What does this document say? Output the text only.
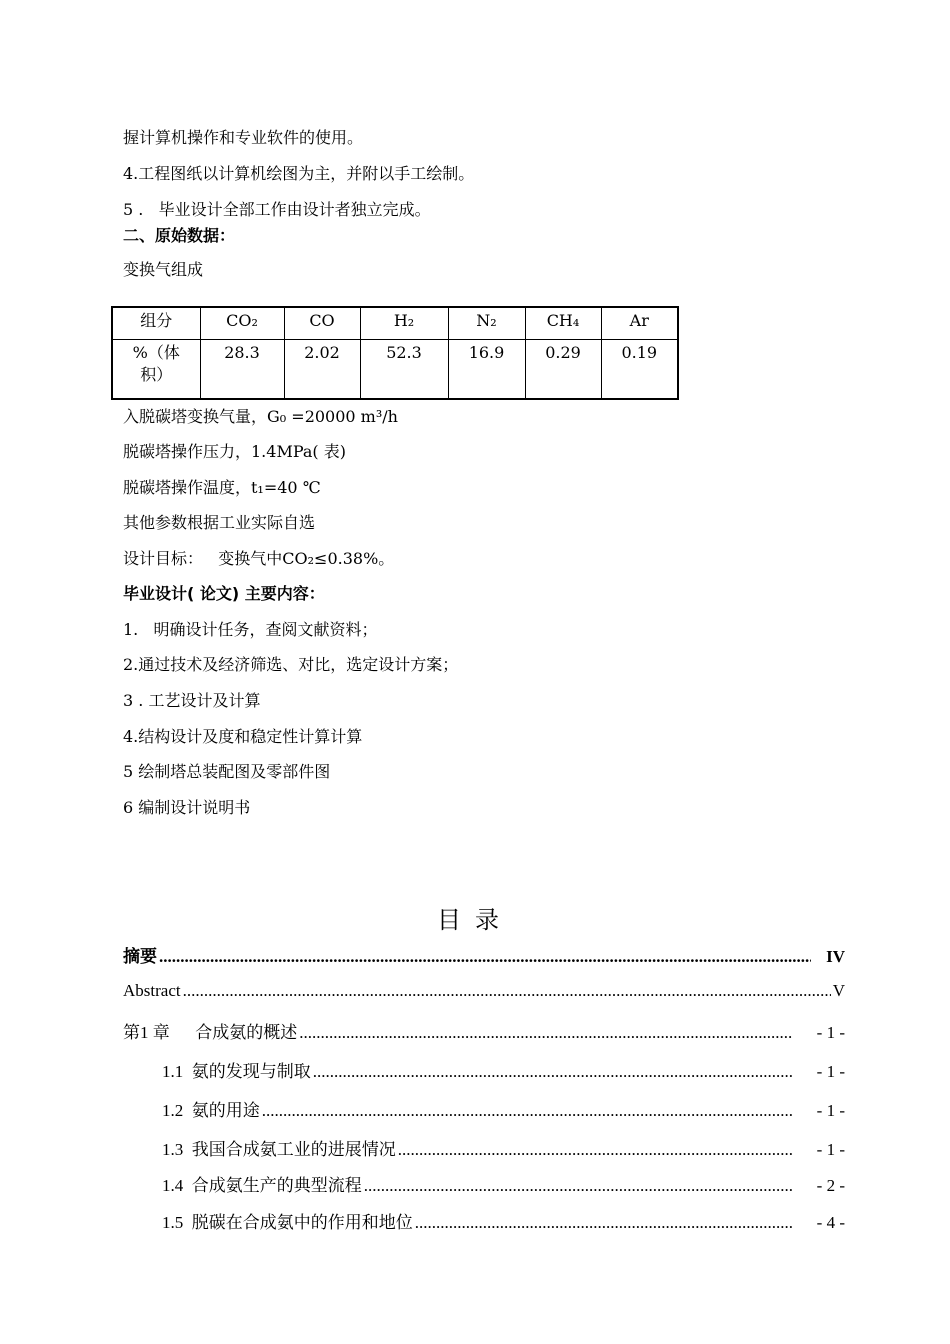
握计算机操作和专业软件的使用。
4.工程图纸以计算机绘图为主，并附以手工绘制。
5 .   毕业设计全部工作由设计者独立完成。
二、原始数据：
变换气组成
组分	CO₂	CO	H₂	N₂	CH₄	Ar

%（体
积）	28.3	2.02	52.3	16.9	0.29	0.19
入脱碳塔变换气量，G₀ =20000 m³/h
脱碳塔操作压力，1.4MPa( 表)
脱碳塔操作温度，t₁=40 ℃
其他参数根据工业实际自选
设计目标：   变换气中CO₂≤0.38%。
毕业设计( 论文) 主要内容：
1.   明确设计任务，查阅文献资料；
2.通过技术及经济筛选、对比，选定设计方案；
3 . 工艺设计及计算
4.结构设计及度和稳定性计算计算
5 绘制塔总装配图及零部件图
6 编制设计说明书
目录
摘要 .....	IV
Abstract .....	V
第1 章      合成氨的概述 .....	- 1 -
1.1  氨的发现与制取 .....	- 1 -
1.2  氨的用途 .....	- 1 -
1.3  我国合成氨工业的进展情况 .....	- 1 -
1.4  合成氨生产的典型流程 .....	- 2 -
1.5  脱碳在合成氨中的作用和地位 .....	- 4 -
